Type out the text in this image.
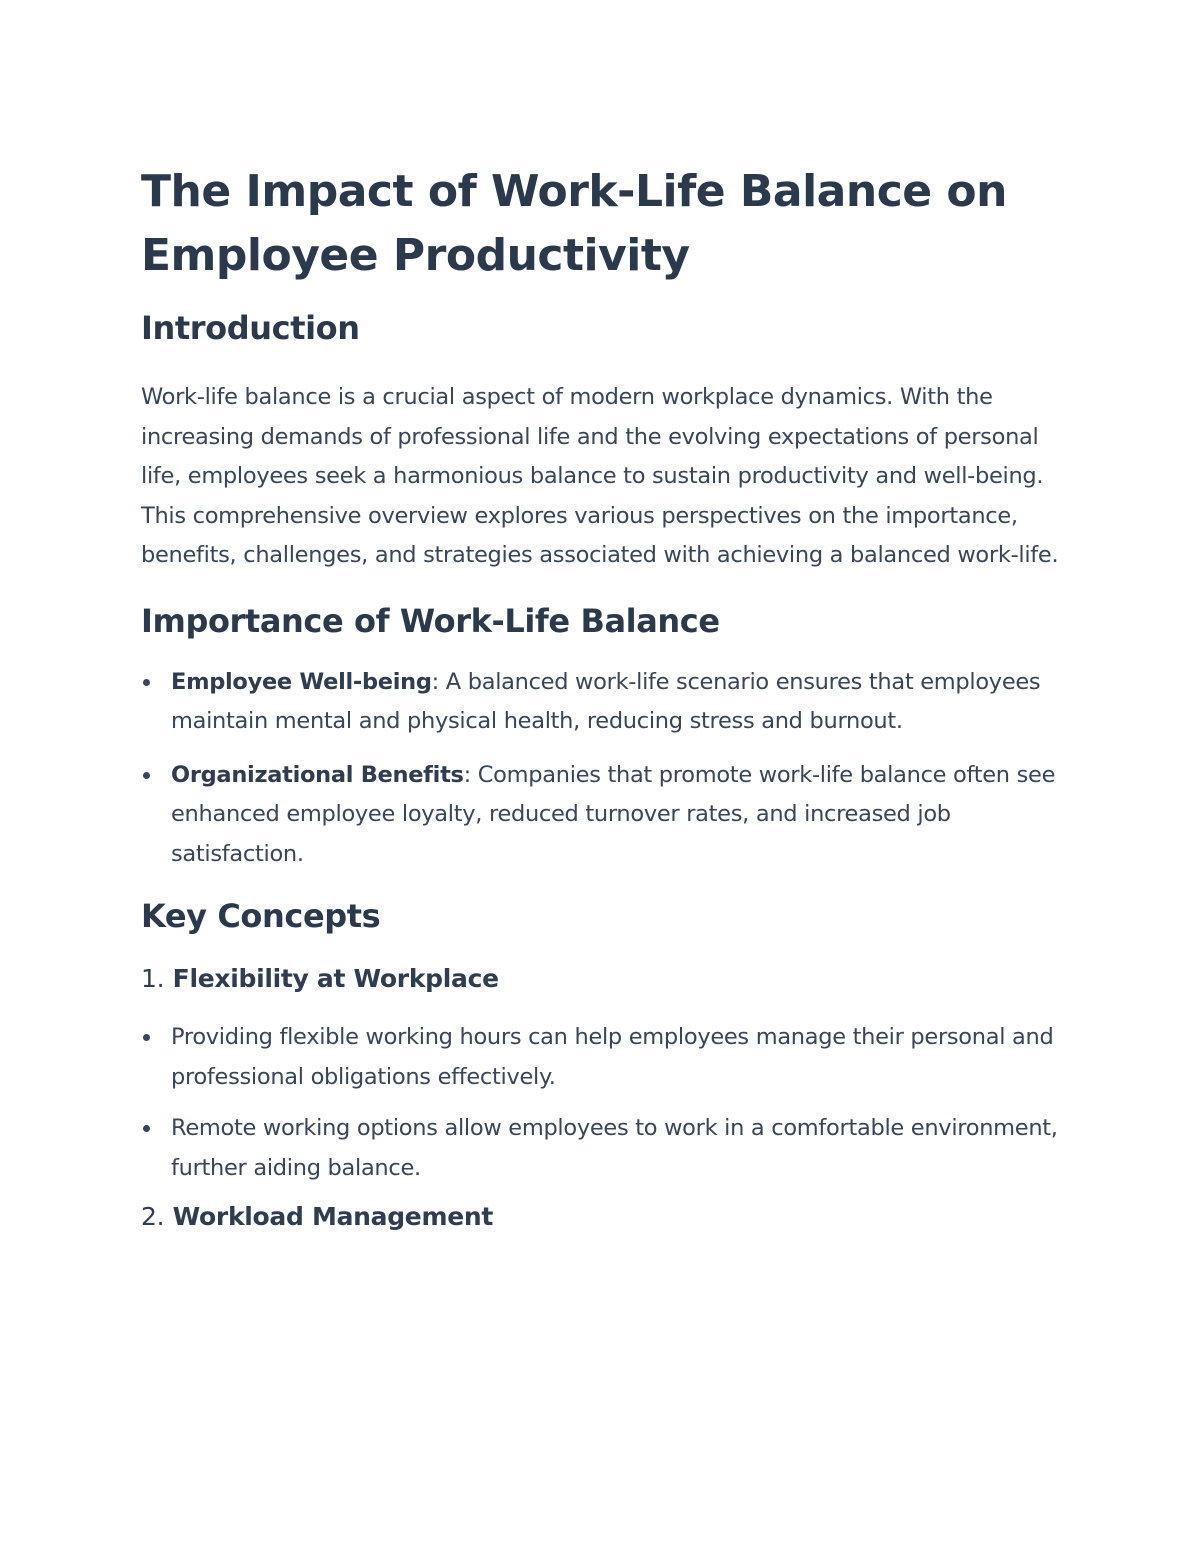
The Impact of Work-Life Balance on Employee Productivity
Introduction

Work-life balance is a crucial aspect of modern workplace dynamics. With the increasing demands of professional life and the evolving expectations of personal life, employees seek a harmonious balance to sustain productivity and well-being. This comprehensive overview explores various perspectives on the importance, benefits, challenges, and strategies associated with achieving a balanced work-life.

Importance of Work-Life Balance
Employee Well-being: A balanced work-life scenario ensures that employees maintain mental and physical health, reducing stress and burnout.
Organizational Benefits: Companies that promote work-life balance often see enhanced employee loyalty, reduced turnover rates, and increased job satisfaction.
Key Concepts
1. Flexibility at Workplace
Providing flexible working hours can help employees manage their personal and professional obligations effectively.
Remote working options allow employees to work in a comfortable environment, further aiding balance.
2. Workload Management
